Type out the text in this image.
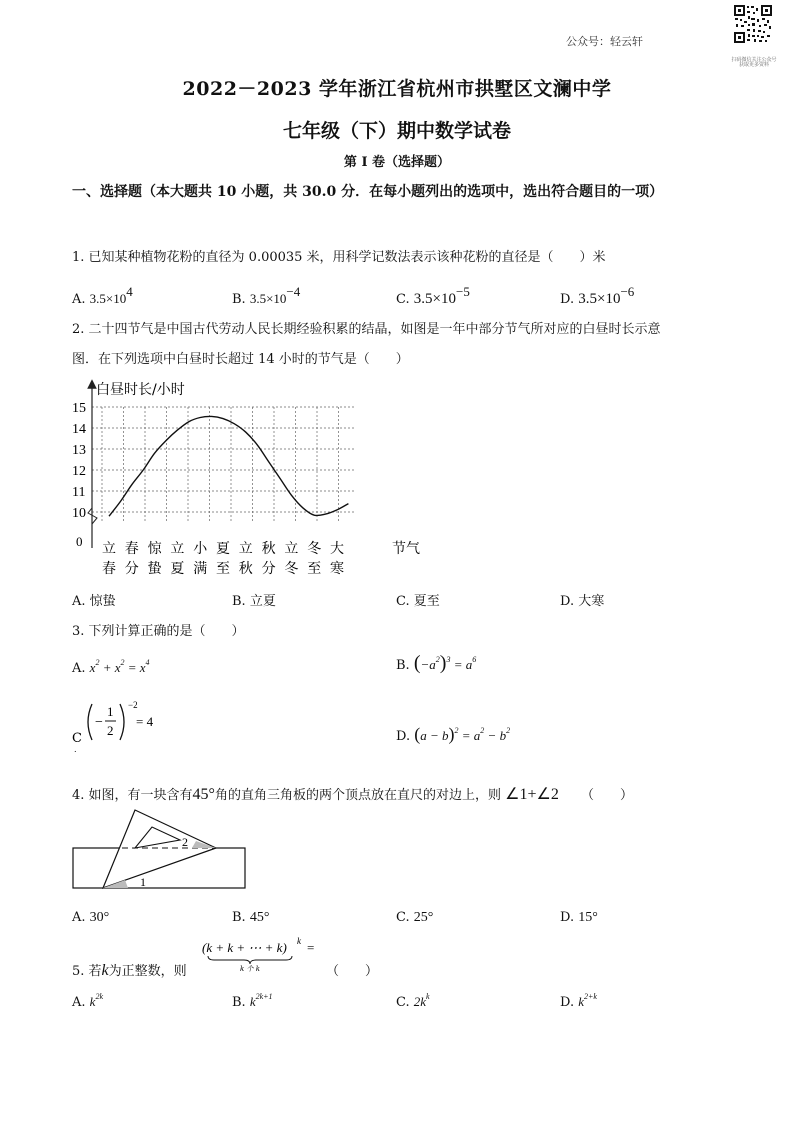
公众号：轻云轩
扫码微信关注公众号 获取更多资料
2022－2023 学年浙江省杭州市拱墅区文澜中学
七年级（下）期中数学试卷
第 I 卷（选择题）
一、选择题（本大题共 10 小题，共 30.0 分．在每小题列出的选项中，选出符合题目的一项）
1. 已知某种植物花粉的直径为 0.00035 米，用科学记数法表示该种花粉的直径是（　　）米
A. $3.5\times 10^4$
B. $3.5\times 10^{-4}$
C. $3.5\times 10^{-5}$
D. $3.5\times 10^{-6}$
2. 二十四节气是中国古代劳动人民长期经验积累的结晶，如图是一年中部分节气所对应的白昼时长示意
图．在下列选项中白昼时长超过 14 小时的节气是（　　）
白昼时长/小时
0	节气
10
11
12
13
14
15
立
春
春
分
惊
蛰
立
夏
小
满
夏
至
立
秋
秋
分
立
冬
冬
至
大
寒
A. 惊蛰	B. 立夏	C. 夏至	D. 大寒
3. 下列计算正确的是（　　）
A. $x^2 + x^2 = x^4$	B. $(-a^2)^3 = a^6$
C
.
−
1
2
−2
= 4
D. $(a - b)^2 = a^2 - b^2$
4. 如图，有一块含有45°角的直角三角板的两个顶点放在直尺的对边上，则 ∠1+∠2 （　　）
1
2
A. 30°	B. 45°	C. 25°	D. 15°
5. 若k为正整数，则
(k + k + ⋯ + k) k =
k 个 k	（　　）
A. $k^{2k}$	B. $k^{2k+1}$	C. $2k^k$	D. $k^{2+k}$
